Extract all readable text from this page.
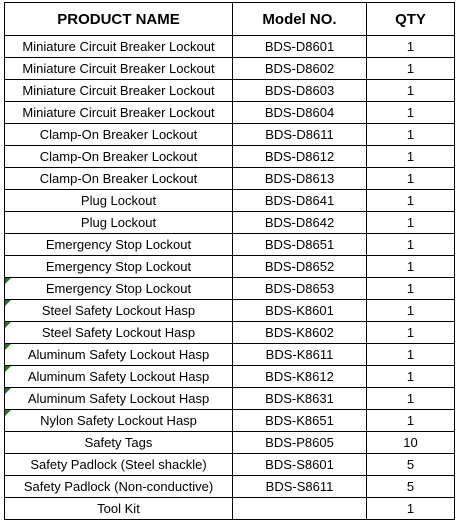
PRODUCT NAME	Model NO.	QTY
Miniature Circuit Breaker Lockout	BDS-D8601	1
Miniature Circuit Breaker Lockout	BDS-D8602	1
Miniature Circuit Breaker Lockout	BDS-D8603	1
Miniature Circuit Breaker Lockout	BDS-D8604	1
Clamp-On Breaker Lockout	BDS-D8611	1
Clamp-On Breaker Lockout	BDS-D8612	1
Clamp-On Breaker Lockout	BDS-D8613	1
Plug Lockout	BDS-D8641	1
Plug Lockout	BDS-D8642	1
Emergency Stop Lockout	BDS-D8651	1
Emergency Stop Lockout	BDS-D8652	1
Emergency Stop Lockout	BDS-D8653	1
Steel Safety Lockout Hasp	BDS-K8601	1
Steel Safety Lockout Hasp	BDS-K8602	1
Aluminum Safety Lockout Hasp	BDS-K8611	1
Aluminum Safety Lockout Hasp	BDS-K8612	1
Aluminum Safety Lockout Hasp	BDS-K8631	1
Nylon Safety Lockout Hasp	BDS-K8651	1
Safety Tags	BDS-P8605	10
Safety Padlock (Steel shackle)	BDS-S8601	5
Safety Padlock (Non-conductive)	BDS-S8611	5
Tool Kit		1
